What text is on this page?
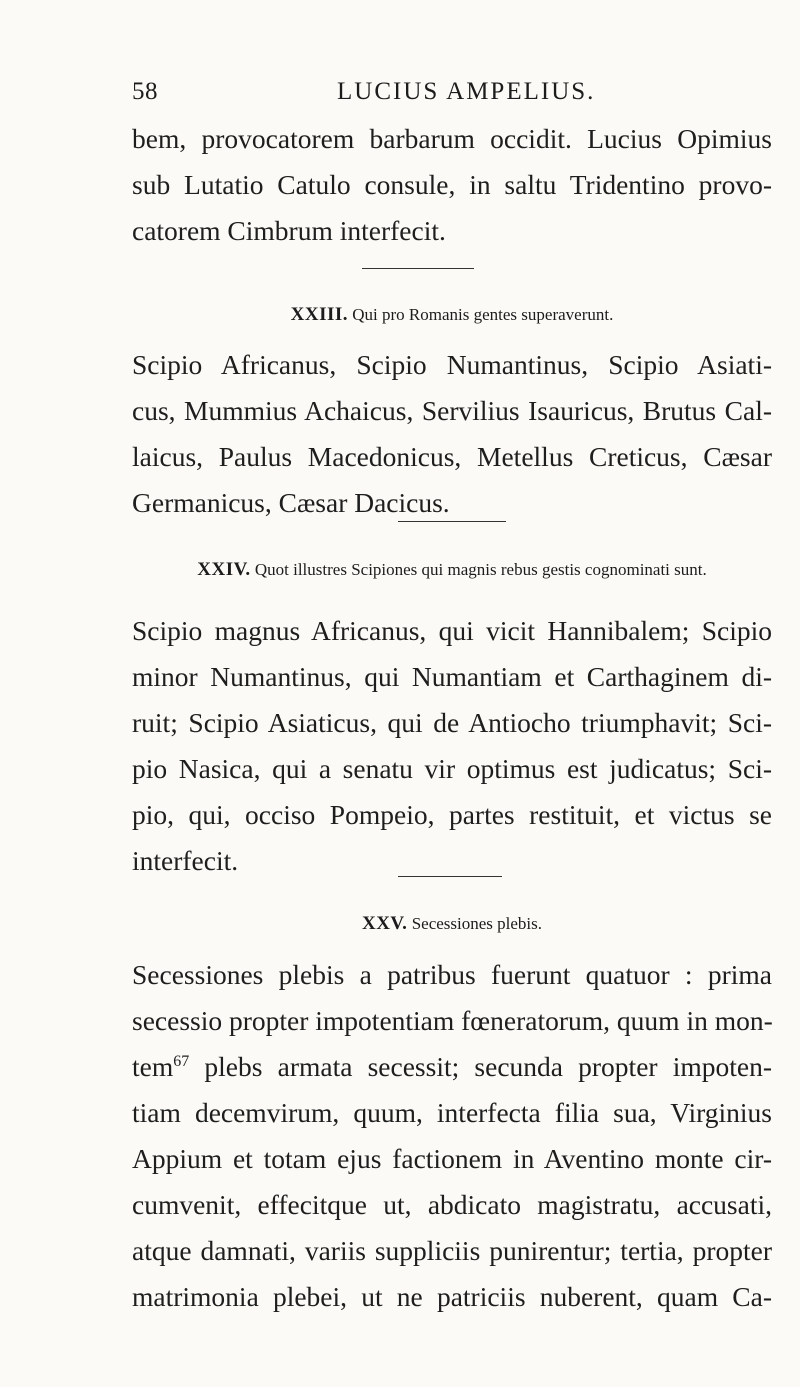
58	LUCIUS AMPELIUS.
bem, provocatorem barbarum occidit. Lucius Opimius
sub Lutatio Catulo consule, in saltu Tridentino provo-
catorem Cimbrum interfecit.
XXIII. Qui pro Romanis gentes superaverunt.
Scipio Africanus, Scipio Numantinus, Scipio Asiati-
cus, Mummius Achaicus, Servilius Isauricus, Brutus Cal-
laicus, Paulus Macedonicus, Metellus Creticus, Cæsar
Germanicus, Cæsar Dacicus.
XXIV. Quot illustres Scipiones qui magnis rebus gestis cognominati sunt.
Scipio magnus Africanus, qui vicit Hannibalem; Scipio
minor Numantinus, qui Numantiam et Carthaginem di-
ruit; Scipio Asiaticus, qui de Antiocho triumphavit; Sci-
pio Nasica, qui a senatu vir optimus est judicatus; Sci-
pio, qui, occiso Pompeio, partes restituit, et victus se
interfecit.
XXV. Secessiones plebis.
Secessiones plebis a patribus fuerunt quatuor : prima
secessio propter impotentiam fœneratorum, quum in mon-
tem$^{67}$ plebs armata secessit; secunda propter impoten-
tiam decemvirum, quum, interfecta filia sua, Virginius
Appium et totam ejus factionem in Aventino monte cir-
cumvenit, effecitque ut, abdicato magistratu, accusati,
atque damnati, variis suppliciis punirentur; tertia, propter
matrimonia plebei, ut ne patriciis nuberent, quam Ca-
